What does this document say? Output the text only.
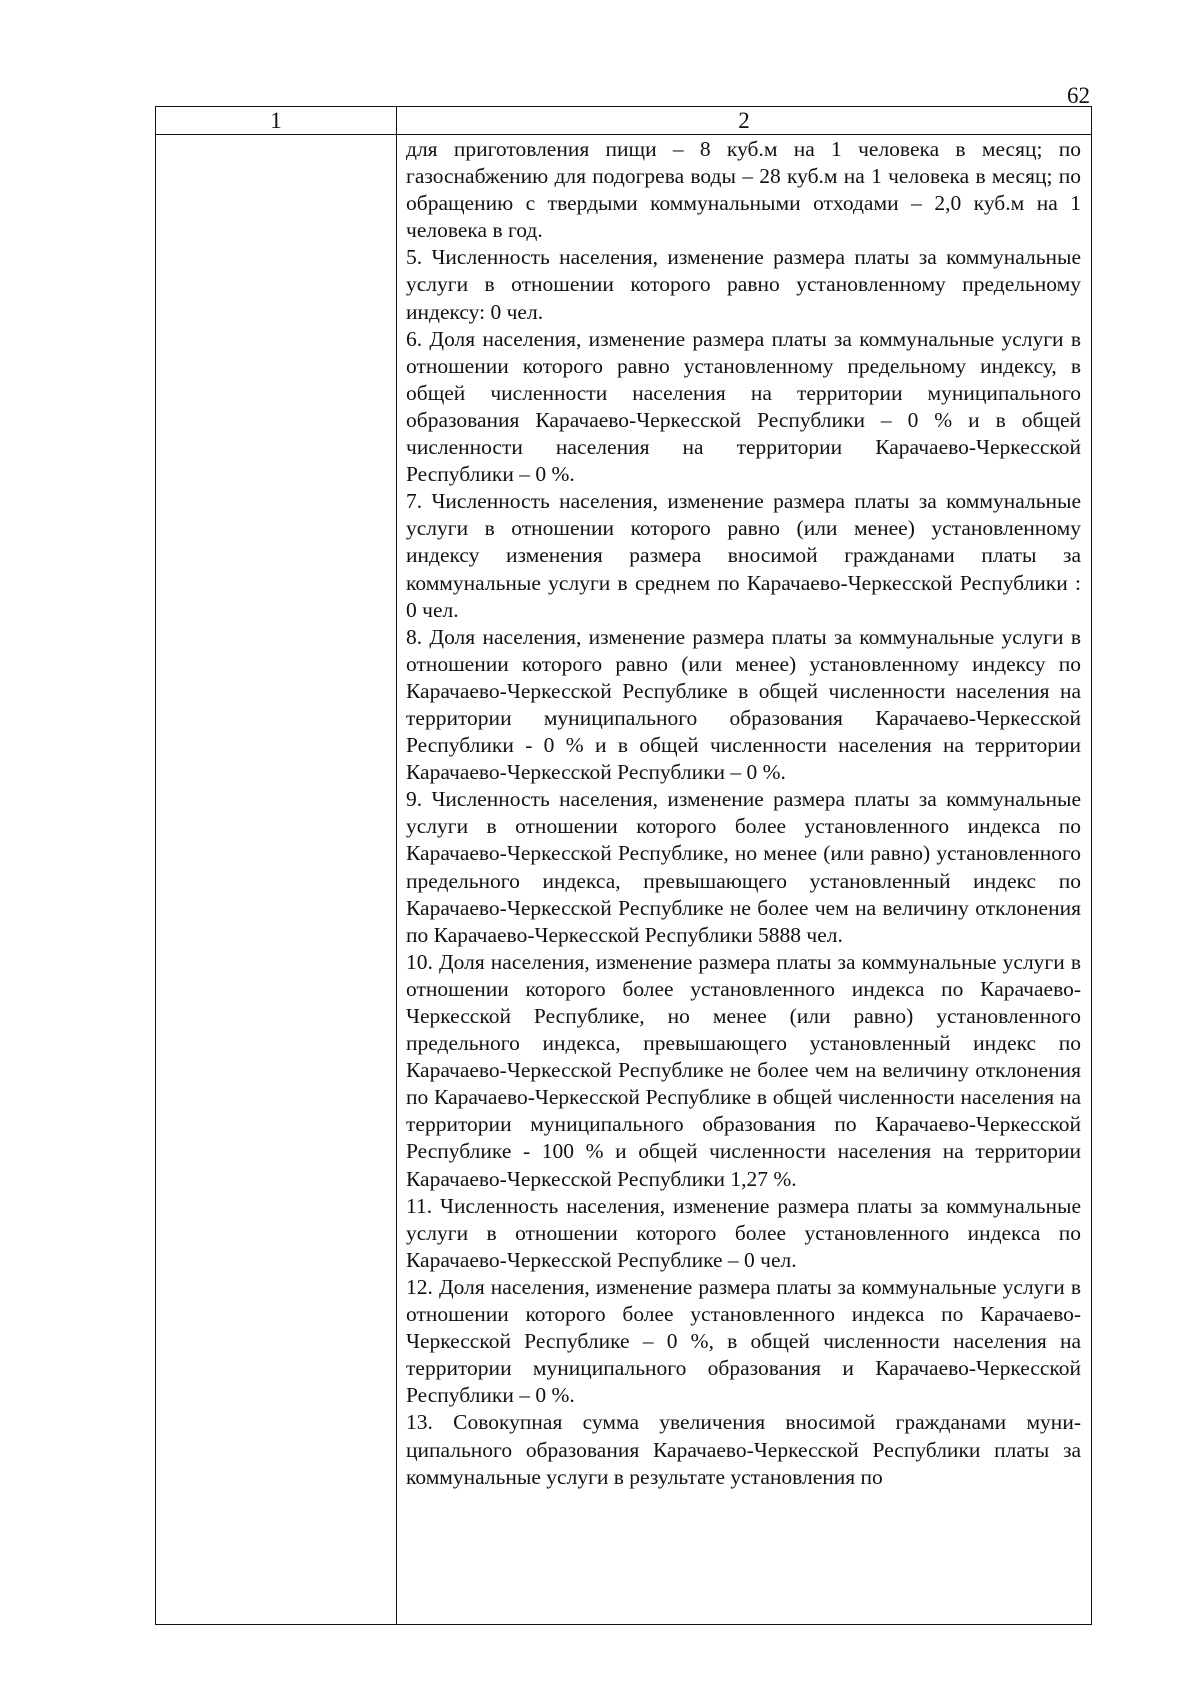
62
1	2

для приготовления пищи – 8 куб.м на 1 человека в месяц; по газоснабжению для подогрева воды – 28 куб.м на 1 человека в месяц; по обращению с твердыми коммунальными отходами – 2,0 куб.м на 1 человека в год.

5. Численность населения, изменение размера платы за коммунальные услуги в отношении которого равно установленному предельному индексу: 0 чел.

6. Доля населения, изменение размера платы за коммунальные услуги в отношении которого равно установленному предельному индексу, в общей численности населения на территории муниципального образования Карачаево-Черкесской Республики – 0 % и в общей численности населения на территории Карачаево-Черкесской Республики – 0 %.

7. Численность населения, изменение размера платы за коммунальные услуги в отношении которого равно (или менее) установленному индексу изменения размера вносимой гражданами платы за коммунальные услуги в среднем по Карачаево-Черкесской Республики : 0 чел.

8. Доля населения, изменение размера платы за коммунальные услуги в отношении которого равно (или менее) установленному индексу по Карачаево-Черкесской Республике в общей численности населения на территории муниципального образования Карачаево-Черкесской Республики - 0 % и в общей численности населения на территории Карачаево-Черкесской Республики – 0 %.

9. Численность населения, изменение размера платы за коммунальные услуги в отношении которого более установленного индекса по Карачаево-Черкесской Республике, но менее (или равно) установленного предельного индекса, превышающего установленный индекс по Карачаево-Черкесской Республике не более чем на величину отклонения по Карачаево-Черкесской Республики 5888 чел.

10. Доля населения, изменение размера платы за коммунальные услуги в отношении которого более установленного индекса по Карачаево-Черкесской Республике, но менее (или равно) установленного предельного индекса, превышающего установленный индекс по Карачаево-Черкесской Республике не более чем на величину отклонения по Карачаево-Черкесской Республике в общей численности населения на территории муниципального образования по Карачаево-Черкесской Республике - 100 % и общей численности населения на территории Карачаево-Черкесской Республики 1,27 %.

11. Численность населения, изменение размера платы за коммунальные услуги в отношении которого более установленного индекса по Карачаево-Черкесской Республике – 0 чел.

12. Доля населения, изменение размера платы за коммунальные услуги в отношении которого более установленного индекса по Карачаево-Черкесской Республике – 0 %, в общей численности населения на территории муниципального образования и Карачаево-Черкесской Республики – 0 %.

13. Совокупная сумма увеличения вносимой гражданами муниципального образования Карачаево-Черкесской Республики платы за коммунальные услуги в результате установления по
